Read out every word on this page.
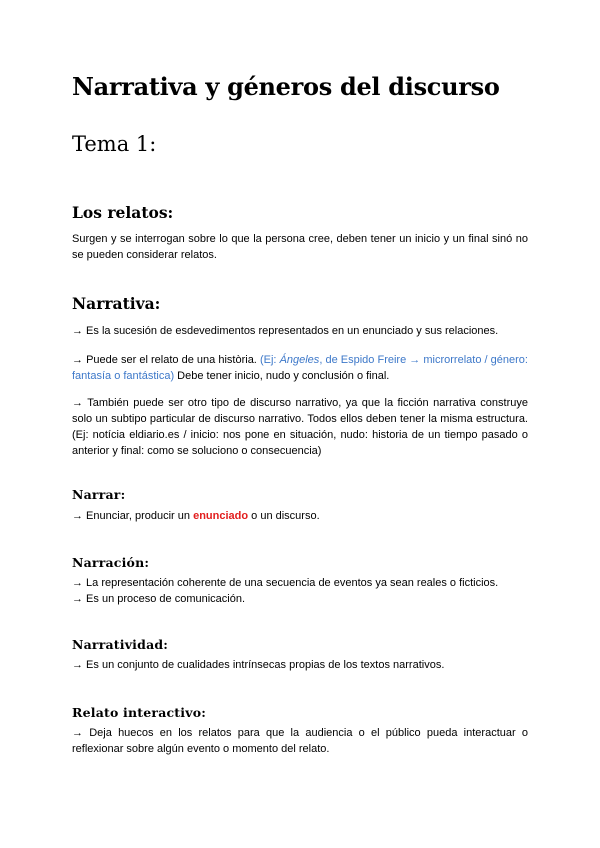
Narrativa y géneros del discurso
Tema 1:
Los relatos:

Surgen y se interrogan sobre lo que la persona cree, deben tener un inicio y un final sinó no se pueden considerar relatos.

Narrativa:

→ Es la sucesión de esdevedimentos representados en un enunciado y sus relaciones.

→ Puede ser el relato de una història. (Ej: Ángeles, de Espido Freire → microrrelato / género: fantasía o fantástica) Debe tener inicio, nudo y conclusión o final.

→ También puede ser otro tipo de discurso narrativo, ya que la ficción narrativa construye solo un subtipo particular de discurso narrativo. Todos ellos deben tener la misma estructura. (Ej: notícia eldiario.es / inicio: nos pone en situación, nudo: historia de un tiempo pasado o anterior y final: como se soluciono o consecuencia)

Narrar:

→ Enunciar, producir un enunciado o un discurso.

Narración:

→ La representación coherente de una secuencia de eventos ya sean reales o ficticios.

→ Es un proceso de comunicación.

Narratividad:

→ Es un conjunto de cualidades intrínsecas propias de los textos narrativos.

Relato interactivo:

→ Deja huecos en los relatos para que la audiencia o el público pueda interactuar o reflexionar sobre algún evento o momento del relato.
